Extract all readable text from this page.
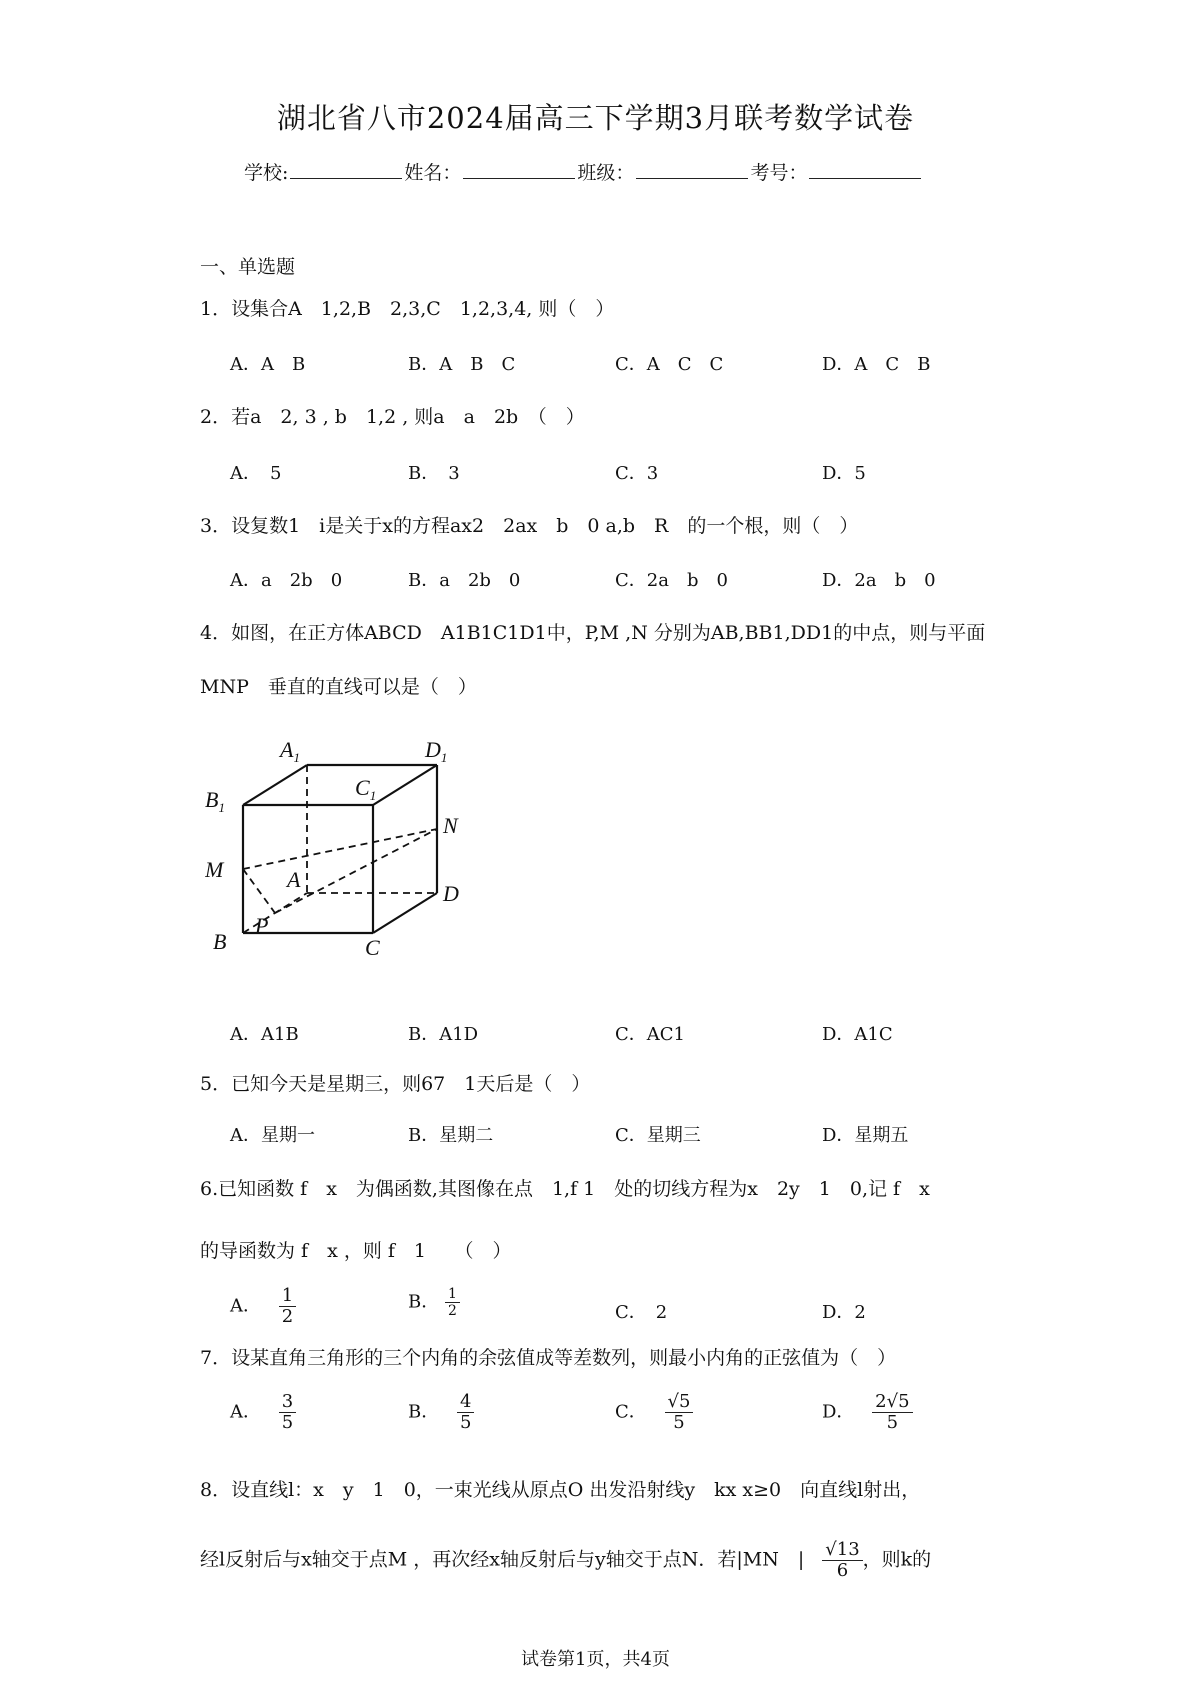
湖北省八市2024届高三下学期3月联考数学试卷
学校:	姓名：	班级：	考号：
一、单选题
1．设集合A　1,2,B　2,3,C　1,2,3,4, 则（　）
A．A　B	B．A　B　C	C．A　C　C	D．A　C　B
2．若a　2, 3 , b　1,2 , 则a　a　2b　（　）
A．　5	B．　3	C．3	D．5
3．设复数1　i是关于x的方程ax2　2ax　b　0 a,b　R　的一个根，则（　）
A．a　2b　0	B．a　2b　0	C．2a　b　0	D．2a　b　0
4．如图，在正方体ABCD　A1B1C1D1中，P,M ,N 分别为AB,BB1,DD1的中点，则与平面
MNP　垂直的直线可以是（　）
$A_1$	$D_1$
$B_1$
$C_1$
N
M	A
D
P
B	C
A．A1B	B．A1D	C．AC1	D．A1C
5．已知今天是星期三，则67　1天后是（　）
A．星期一	B．星期二	C．星期三	D．星期五
6.已知函数 f　x　为偶函数,其图像在点　1,f 1　处的切线方程为x　2y　1　0,记 f　x
的导函数为 f　x ，则 f　1　　（　）
A． $\frac{1}{2}$	B． $\frac{1}{2}$	C．　2	D．2
7．设某直角三角形的三个内角的余弦值成等差数列，则最小内角的正弦值为（　）
A． $\frac{3}{5}$	B． $\frac{4}{5}$	C． $\frac{√5}{5}$	D． $\frac{2√5}{5}$
8．设直线l：x　y　1　0，一束光线从原点O 出发沿射线y　kx x≥0　向直线l射出，
经l反射后与x轴交于点M ，再次经x轴反射后与y轴交于点N．若|MN　| $\frac{√13}{6}$ ，则k的
试卷第1页，共4页
